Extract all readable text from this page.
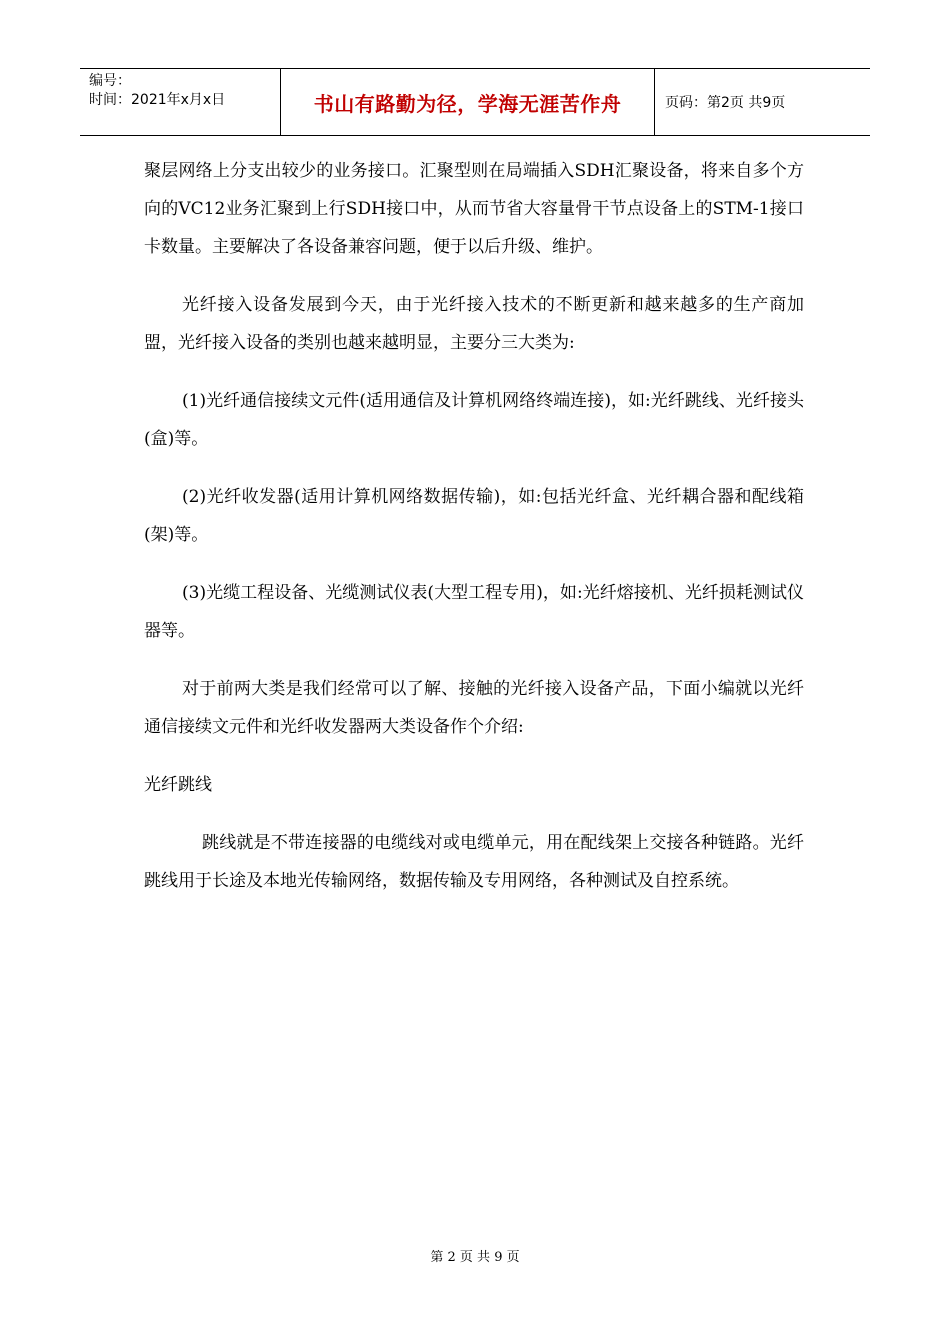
编号：
时间：2021年x月x日	书山有路勤为径，学海无涯苦作舟	页码：第2页 共9页

聚层网络上分支出较少的业务接口。汇聚型则在局端插入SDH汇聚设备，将来自多个方向的VC12业务汇聚到上行SDH接口中，从而节省大容量骨干节点设备上的STM-1接口卡数量。主要解决了各设备兼容问题，便于以后升级、维护。

光纤接入设备发展到今天，由于光纤接入技术的不断更新和越来越多的生产商加盟，光纤接入设备的类别也越来越明显，主要分三大类为:

(1)光纤通信接续文元件(适用通信及计算机网络终端连接)，如:光纤跳线、光纤接头(盒)等。

(2)光纤收发器(适用计算机网络数据传输)，如:包括光纤盒、光纤耦合器和配线箱(架)等。

(3)光缆工程设备、光缆测试仪表(大型工程专用)，如:光纤熔接机、光纤损耗测试仪器等。

对于前两大类是我们经常可以了解、接触的光纤接入设备产品，下面小编就以光纤通信接续文元件和光纤收发器两大类设备作个介绍:

光纤跳线

跳线就是不带连接器的电缆线对或电缆单元，用在配线架上交接各种链路。光纤跳线用于长途及本地光传输网络，数据传输及专用网络，各种测试及自控系统。

第 2 页 共 9 页
